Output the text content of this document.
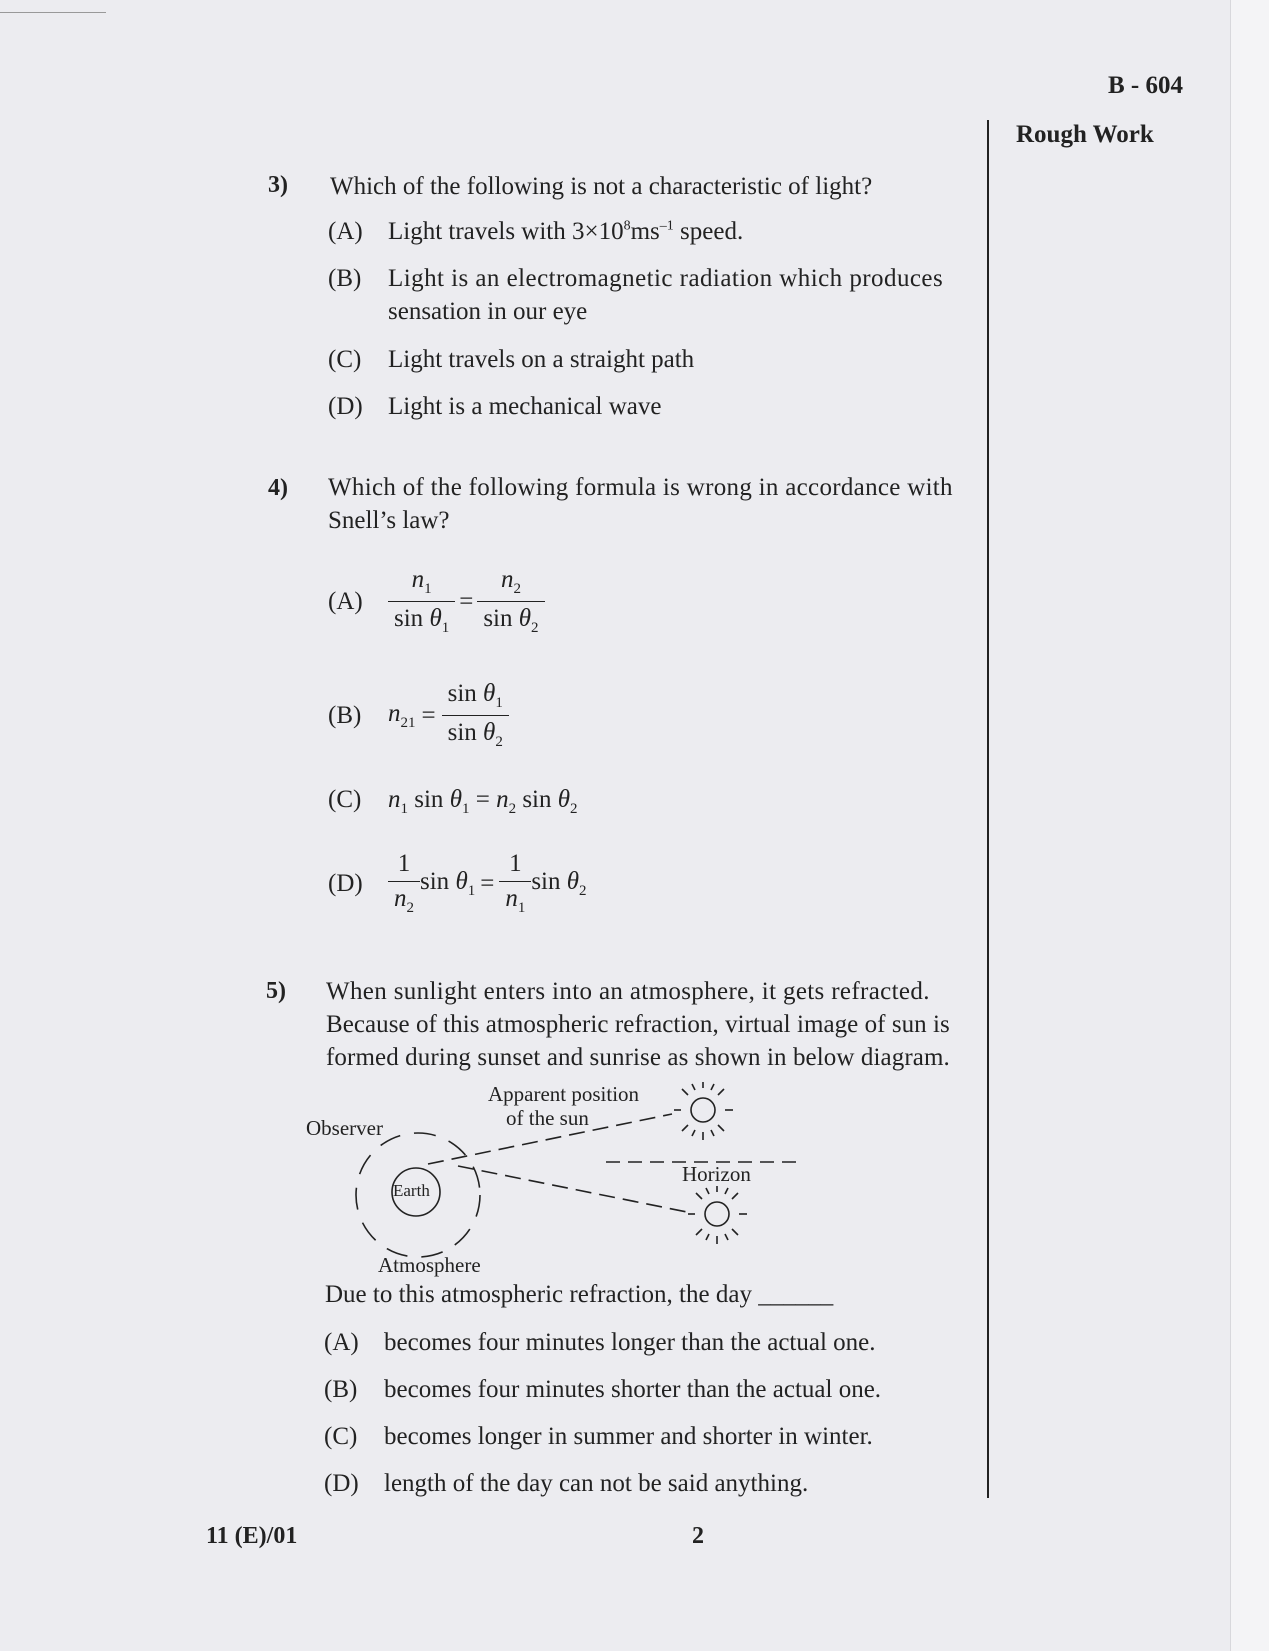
B - 604
Rough Work
3) Which of the following is not a characteristic of light?
(A) Light travels with $3\times 10^8ms^{-1}$ speed.
(B) Light is an electromagnetic radiation which produces
sensation in our eye
(C) Light travels on a straight path
(D) Light is a mechanical wave
4) Which of the following formula is wrong in accordance with
Snell’s law?
$(A) \frac{n_1}{\sin \theta_1} = \frac{n_2}{\sin \theta_2}$
(B) $n_{21} = \frac{\sin \theta_1}{\sin \theta_2}$
(C) $n_1$ $\sin \theta_1 = n_2$ $\sin \theta_2$
$(D) \frac{1}{n_2}$ $\sin \theta_1 = \frac{1}{n_1}$ $\sin \theta_2$
5) When sunlight enters into an atmosphere, it gets refracted.
Because of this atmospheric refraction, virtual image of sun is
formed during sunset and sunrise as shown in below diagram.
Apparent position
of the sun
Observer
Earth
Horizon
Atmosphere
Due to this atmospheric refraction, the day ______
(A) becomes four minutes longer than the actual one.
(B) becomes four minutes shorter than the actual one.
(C) becomes longer in summer and shorter in winter.
(D) length of the day can not be said anything.
11 (E)/01	2
